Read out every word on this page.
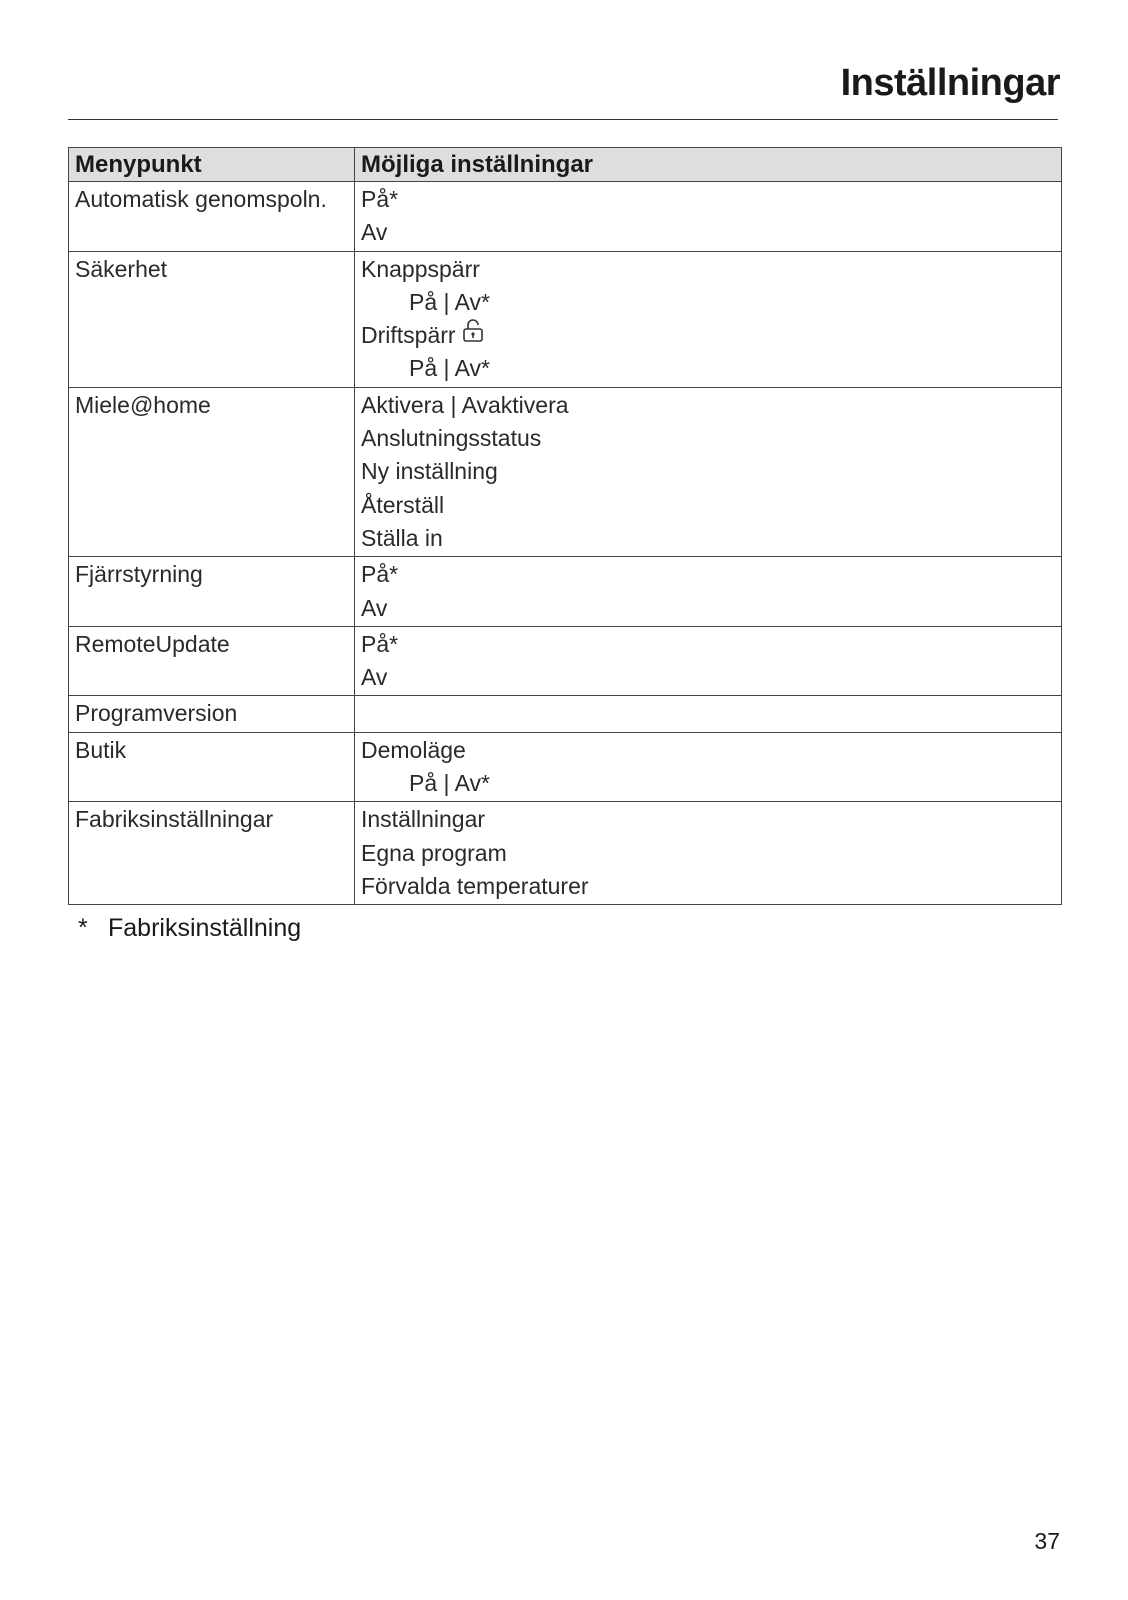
Inställningar
Menypunkt	Möjliga inställningar

Automatisk genomspoln.	På*
Av

Säkerhet	Knappspärr
På | Av*
Driftspärr
På | Av*

Miele@home	Aktivera | Avaktivera
Anslutningsstatus
Ny inställning
Återställ
Ställa in

Fjärrstyrning	På*
Av

RemoteUpdate	På*
Av

Programversion	

Butik	Demoläge
På | Av*

Fabriksinställningar	Inställningar
Egna program
Förvalda temperaturer

* Fabriksinställning

37
